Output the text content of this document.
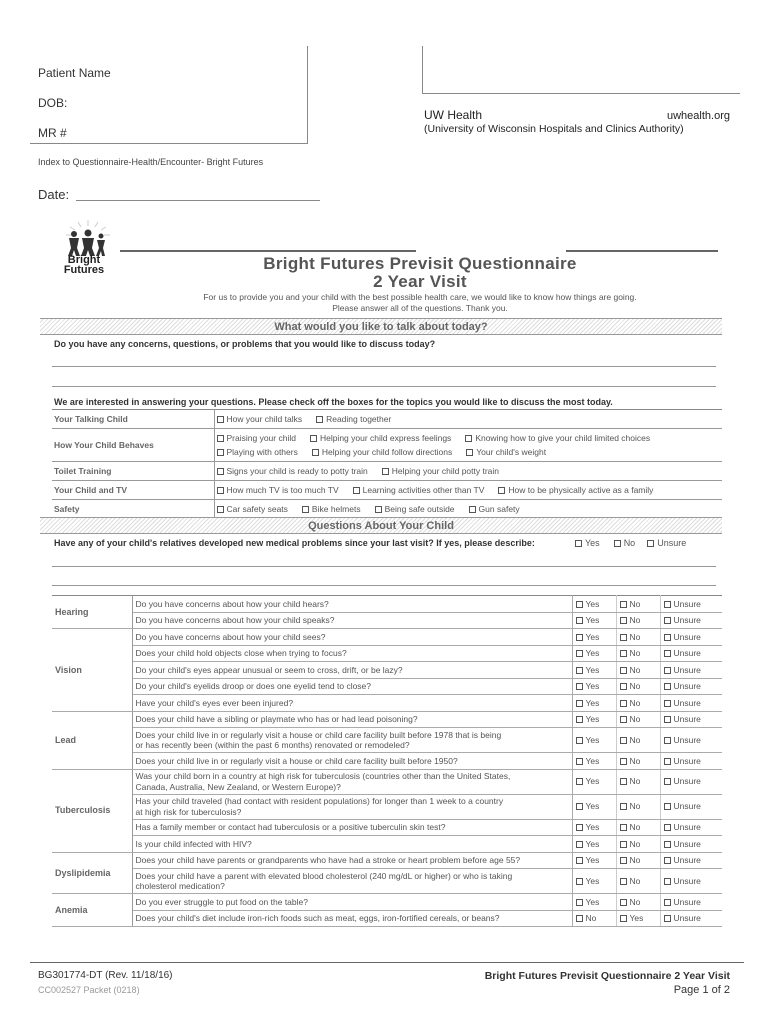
Patient Name
DOB:
MR #
UW Health	uwhealth.org
(University of Wisconsin Hospitals and Clinics Authority)
Index to Questionnaire-Health/Encounter- Bright Futures
Date:
Bright
Futures	Bright Futures Previsit Questionnaire
2 Year Visit
For us to provide you and your child with the best possible health care, we would like to know how things are going.
Please answer all of the questions. Thank you.
What would you like to talk about today?
Do you have any concerns, questions, or problems that you would like to discuss today?
We are interested in answering your questions. Please check off the boxes for the topics you would like to discuss the most today.
Your Talking Child	How your child talks Reading together

How Your Child Behaves	Praising your child Helping your child express feelings Knowing how to give your child limited choices
Playing with others Helping your child follow directions Your child's weight

Toilet Training	Signs your child is ready to potty train Helping your child potty train

Your Child and TV	How much TV is too much TV Learning activities other than TV How to be physically active as a family

Safety	Car safety seats Bike helmets Being safe outside Gun safety
Questions About Your Child
Have any of your child's relatives developed new medical problems since your last visit? If yes, please describe:	Yes	No Unsure
Hearing	Do you have concerns about how your child hears?	Yes	No	Unsure

	Do you have concerns about how your child speaks?	Yes	No	Unsure
Vision	Do you have concerns about how your child sees?	Yes	No	Unsure

	Does your child hold objects close when trying to focus?	Yes	No	Unsure

	Do your child's eyes appear unusual or seem to cross, drift, or be lazy?	Yes	No	Unsure

	Do your child's eyelids droop or does one eyelid tend to close?	Yes	No	Unsure

	Have your child's eyes ever been injured?	Yes	No	Unsure
Lead	Does your child have a sibling or playmate who has or had lead poisoning?	Yes	No	Unsure

	Does your child live in or regularly visit a house or child care facility built before 1978 that is being
or has recently been (within the past 6 months) renovated or remodeled?	Yes	No	Unsure

	Does your child live in or regularly visit a house or child care facility built before 1950?	Yes	No	Unsure
Tuberculosis	Was your child born in a country at high risk for tuberculosis (countries other than the United States,
Canada, Australia, New Zealand, or Western Europe)?	Yes	No	Unsure

	Has your child traveled (had contact with resident populations) for longer than 1 week to a country
at high risk for tuberculosis?	Yes	No	Unsure

	Has a family member or contact had tuberculosis or a positive tuberculin skin test?	Yes	No	Unsure

	Is your child infected with HIV?	Yes	No	Unsure
Dyslipidemia	Does your child have parents or grandparents who have had a stroke or heart problem before age 55?	Yes	No	Unsure

	Does your child have a parent with elevated blood cholesterol (240 mg/dL or higher) or who is taking
cholesterol medication?	Yes	No	Unsure
Anemia	Do you ever struggle to put food on the table?	Yes	No	Unsure

	Does your child's diet include iron-rich foods such as meat, eggs, iron-fortified cereals, or beans?	No	Yes	Unsure
BG301774-DT (Rev. 11/18/16)
CC002527 Packet (0218)
Bright Futures Previsit Questionnaire 2 Year Visit
Page 1 of 2
